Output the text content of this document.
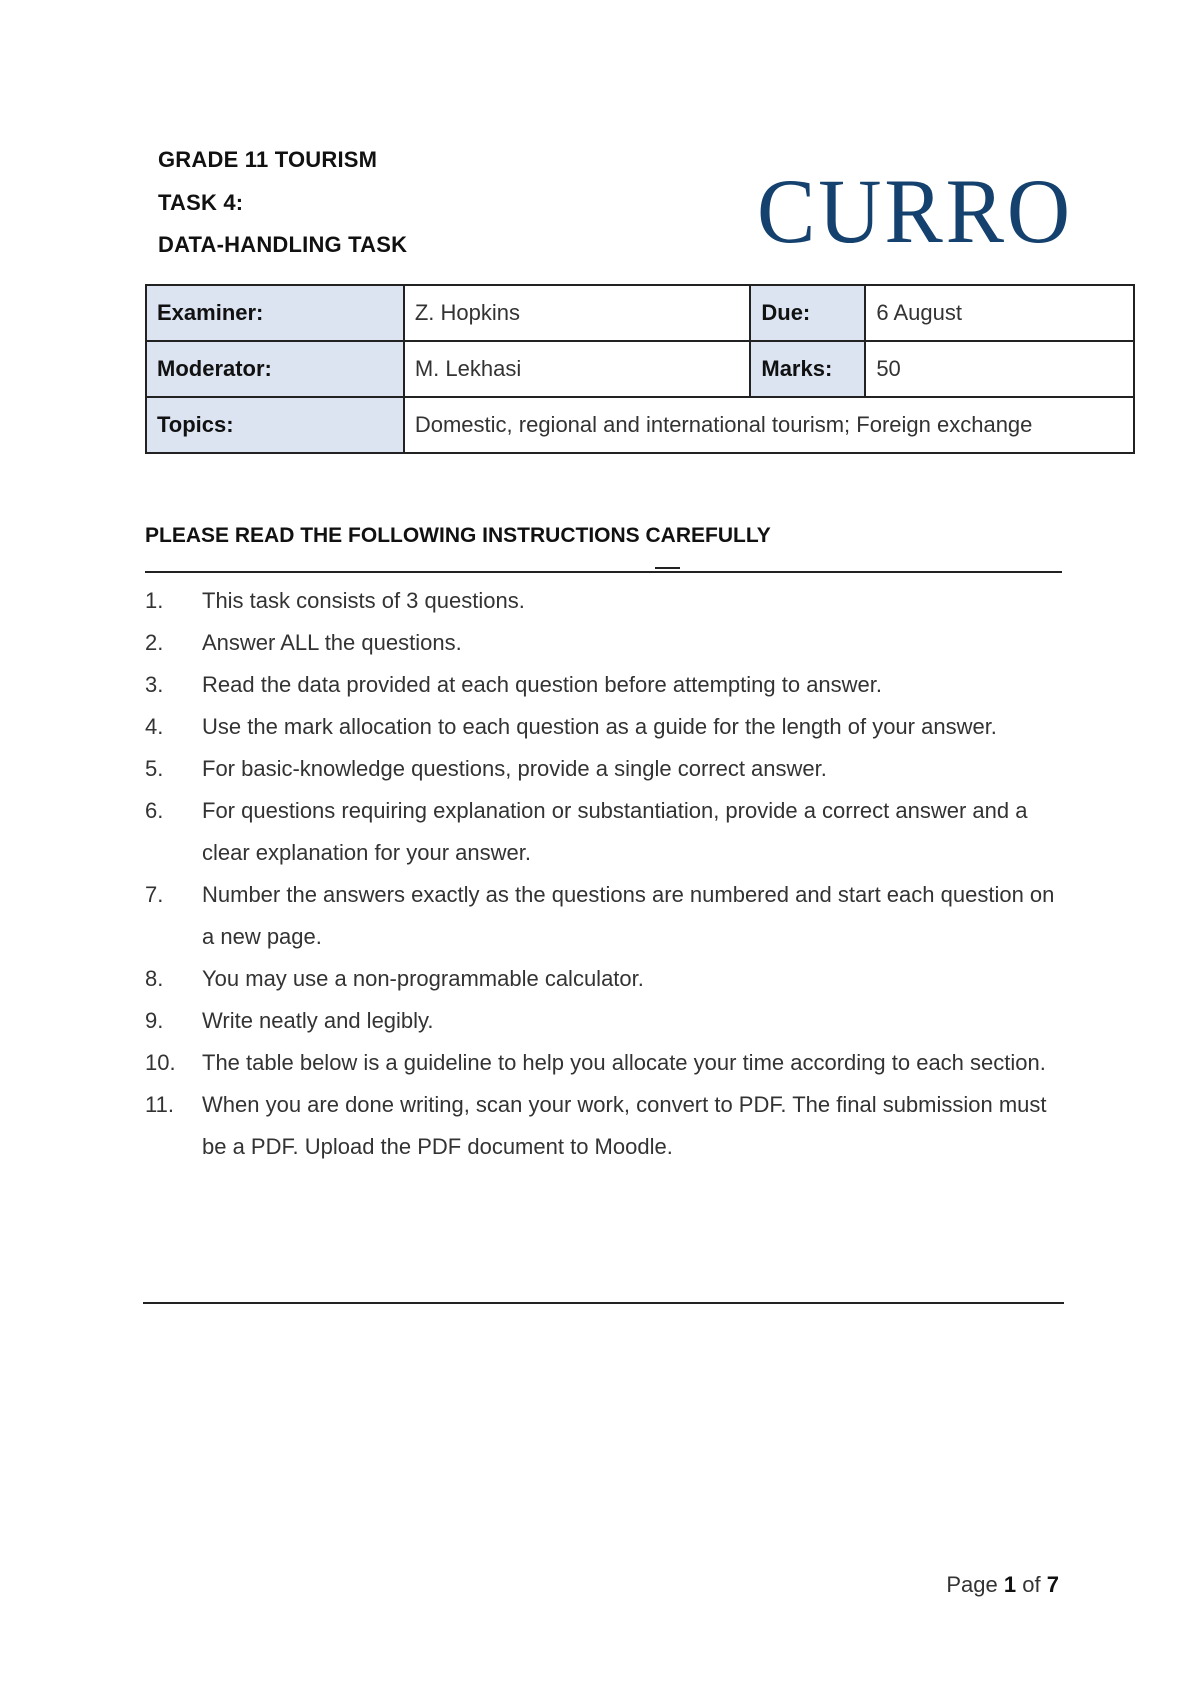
GRADE 11 TOURISM
TASK 4:
DATA-HANDLING TASK	CURRO
Examiner:	Z. Hopkins	Due:	6 August
Moderator:	M. Lekhasi	Marks:	50
Topics:	Domestic, regional and international tourism; Foreign exchange		
PLEASE READ THE FOLLOWING INSTRUCTIONS CAREFULLY
1. This task consists of 3 questions.
2. Answer ALL the questions.
3. Read the data provided at each question before attempting to answer.
4. Use the mark allocation to each question as a guide for the length of your answer.
5. For basic-knowledge questions, provide a single correct answer.
6. For questions requiring explanation or substantiation, provide a correct answer and a clear explanation for your answer.
7. Number the answers exactly as the questions are numbered and start each question on a new page.
8. You may use a non-programmable calculator.
9. Write neatly and legibly.
10. The table below is a guideline to help you allocate your time according to each section.
11. When you are done writing, scan your work, convert to PDF. The final submission must be a PDF. Upload the PDF document to Moodle.
Page 1 of 7
